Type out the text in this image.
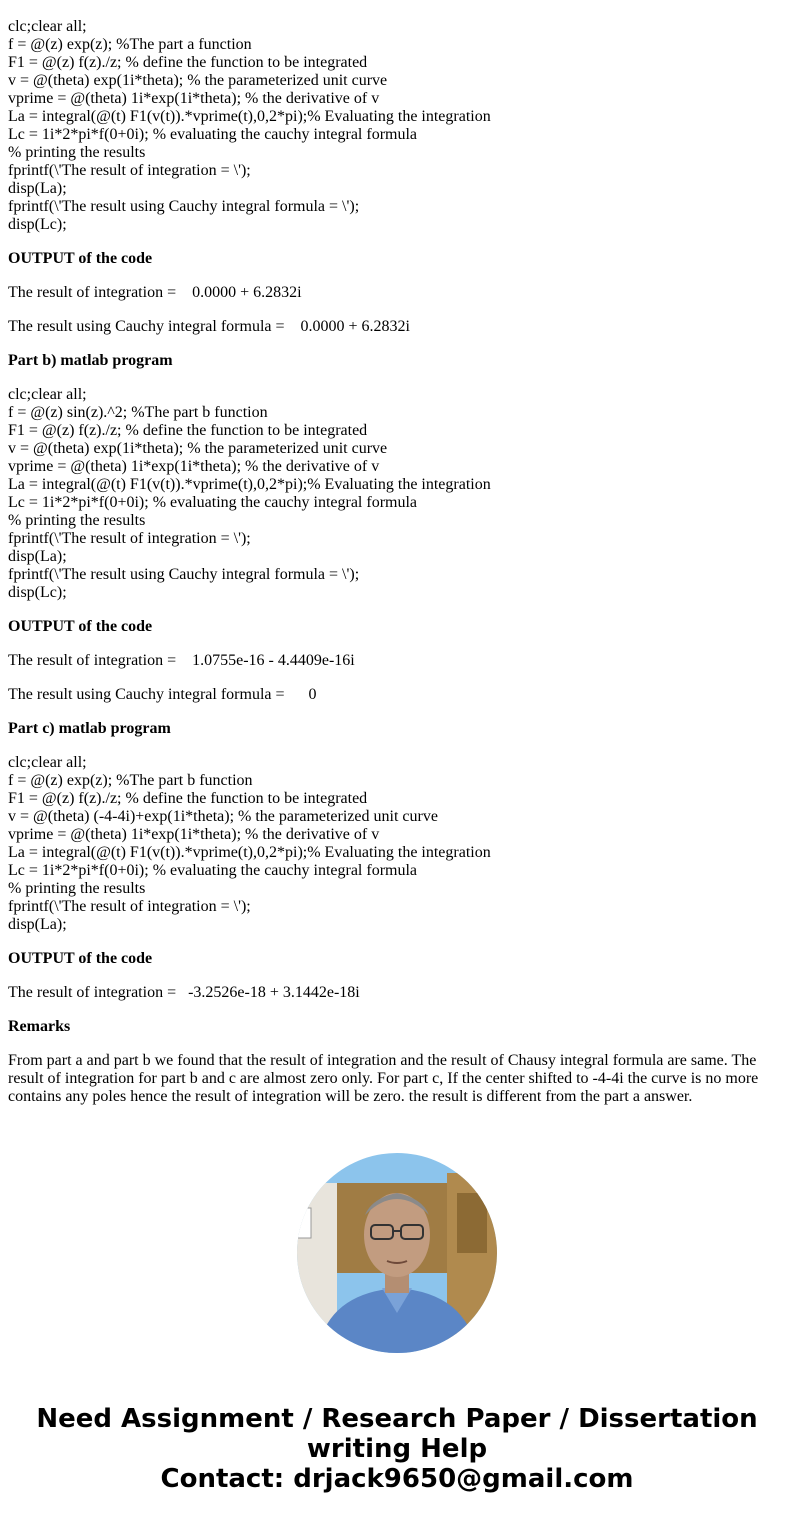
clc;clear all;
f = @(z) exp(z); %The part a function
F1 = @(z) f(z)./z; % define the function to be integrated
v = @(theta) exp(1i*theta); % the parameterized unit curve
vprime = @(theta) 1i*exp(1i*theta); % the derivative of v
La = integral(@(t) F1(v(t)).*vprime(t),0,2*pi);% Evaluating the integration
Lc = 1i*2*pi*f(0+0i); % evaluating the cauchy integral formula
% printing the results
fprintf(\'The result of integration = \');
disp(La);
fprintf(\'The result using Cauchy integral formula = \');
disp(Lc);
OUTPUT of the code
The result of integration =    0.0000 + 6.2832i
The result using Cauchy integral formula =    0.0000 + 6.2832i
Part b) matlab program
clc;clear all;
f = @(z) sin(z).^2; %The part b function
F1 = @(z) f(z)./z; % define the function to be integrated
v = @(theta) exp(1i*theta); % the parameterized unit curve
vprime = @(theta) 1i*exp(1i*theta); % the derivative of v
La = integral(@(t) F1(v(t)).*vprime(t),0,2*pi);% Evaluating the integration
Lc = 1i*2*pi*f(0+0i); % evaluating the cauchy integral formula
% printing the results
fprintf(\'The result of integration = \');
disp(La);
fprintf(\'The result using Cauchy integral formula = \');
disp(Lc);
OUTPUT of the code
The result of integration =    1.0755e-16 - 4.4409e-16i
The result using Cauchy integral formula =      0
Part c) matlab program
clc;clear all;
f = @(z) exp(z); %The part b function
F1 = @(z) f(z)./z; % define the function to be integrated
v = @(theta) (-4-4i)+exp(1i*theta); % the parameterized unit curve
vprime = @(theta) 1i*exp(1i*theta); % the derivative of v
La = integral(@(t) F1(v(t)).*vprime(t),0,2*pi);% Evaluating the integration
Lc = 1i*2*pi*f(0+0i); % evaluating the cauchy integral formula
% printing the results
fprintf(\'The result of integration = \');
disp(La);
OUTPUT of the code
The result of integration =   -3.2526e-18 + 3.1442e-18i
Remarks
From part a and part b we found that the result of integration and the result of Chausy integral formula are same. The result of integration for part b and c are almost zero only. For part c, If the center shifted to -4-4i the curve is no more contains any poles hence the result of integration will be zero. the result is different from the part a answer.
Need Assignment / Research Paper / Dissertation
writing Help
Contact: drjack9650@gmail.com
